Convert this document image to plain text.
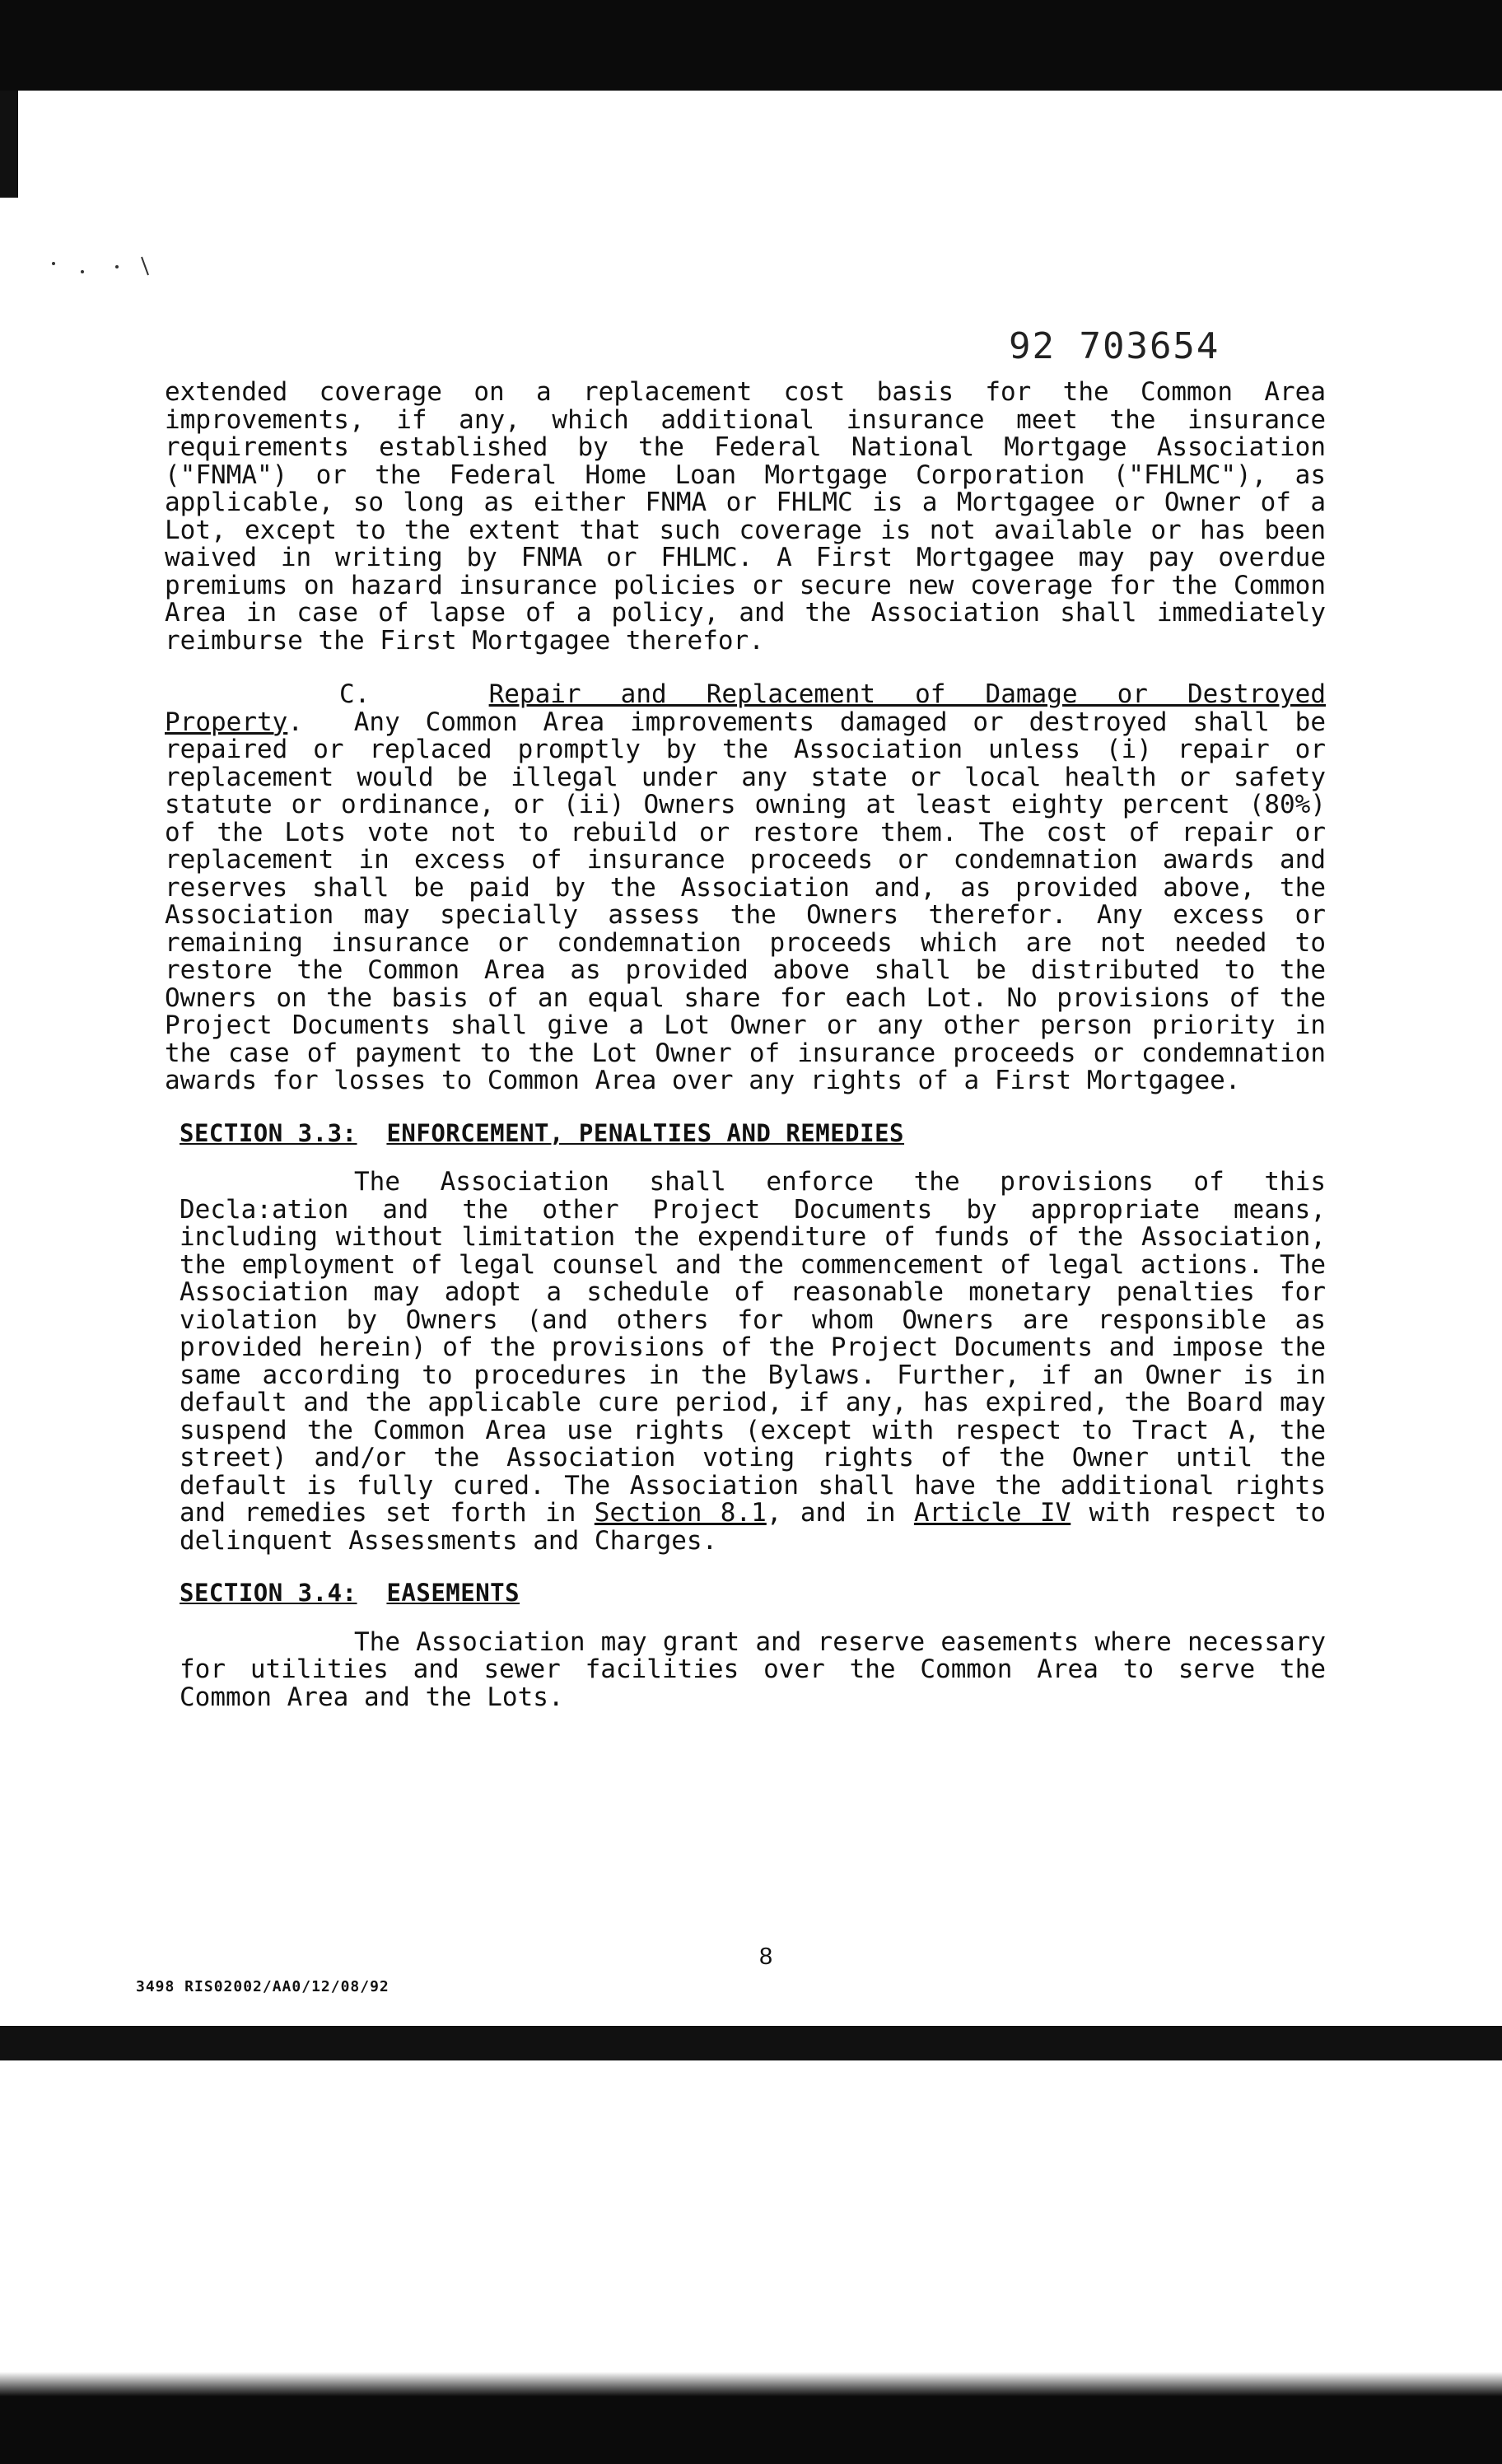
92 703654

extended coverage on a replacement cost basis for the Common Area improvements, if any, which additional insurance meet the insurance requirements established by the Federal National Mortgage Association ("FNMA") or the Federal Home Loan Mortgage Corporation ("FHLMC"), as applicable, so long as either FNMA or FHLMC is a Mortgagee or Owner of a Lot, except to the extent that such coverage is not available or has been waived in writing by FNMA or FHLMC. A First Mortgagee may pay overdue premiums on hazard insurance policies or secure new coverage for the Common Area in case of lapse of a policy, and the Association shall immediately reimburse the First Mortgagee therefor.

C.	Repair and Replacement of Damage or Destroyed Property. Any Common Area improvements damaged or destroyed shall be repaired or replaced promptly by the Association unless (i) repair or replacement would be illegal under any state or local health or safety statute or ordinance, or (ii) Owners owning at least eighty percent (80%) of the Lots vote not to rebuild or restore them. The cost of repair or replacement in excess of insurance proceeds or condemnation awards and reserves shall be paid by the Association and, as provided above, the Association may specially assess the Owners therefor. Any excess or remaining insurance or condemnation proceeds which are not needed to restore the Common Area as provided above shall be distributed to the Owners on the basis of an equal share for each Lot. No provisions of the Project Documents shall give a Lot Owner or any other person priority in the case of payment to the Lot Owner of insurance proceeds or condemnation awards for losses to Common Area over any rights of a First Mortgagee.

SECTION 3.3: ENFORCEMENT, PENALTIES AND REMEDIES

The Association shall enforce the provisions of this Decla:ation and the other Project Documents by appropriate means, including without limitation the expenditure of funds of the Association, the employment of legal counsel and the commencement of legal actions. The Association may adopt a schedule of reasonable monetary penalties for violation by Owners (and others for whom Owners are responsible as provided herein) of the provisions of the Project Documents and impose the same according to procedures in the Bylaws. Further, if an Owner is in default and the applicable cure period, if any, has expired, the Board may suspend the Common Area use rights (except with respect to Tract A, the street) and/or the Association voting rights of the Owner until the default is fully cured. The Association shall have the additional rights and remedies set forth in Section 8.1, and in Article IV with respect to delinquent Assessments and Charges.

SECTION 3.4: EASEMENTS

The Association may grant and reserve easements where necessary for utilities and sewer facilities over the Common Area to serve the Common Area and the Lots.

8
3498 RIS02002/AA0/12/08/92
